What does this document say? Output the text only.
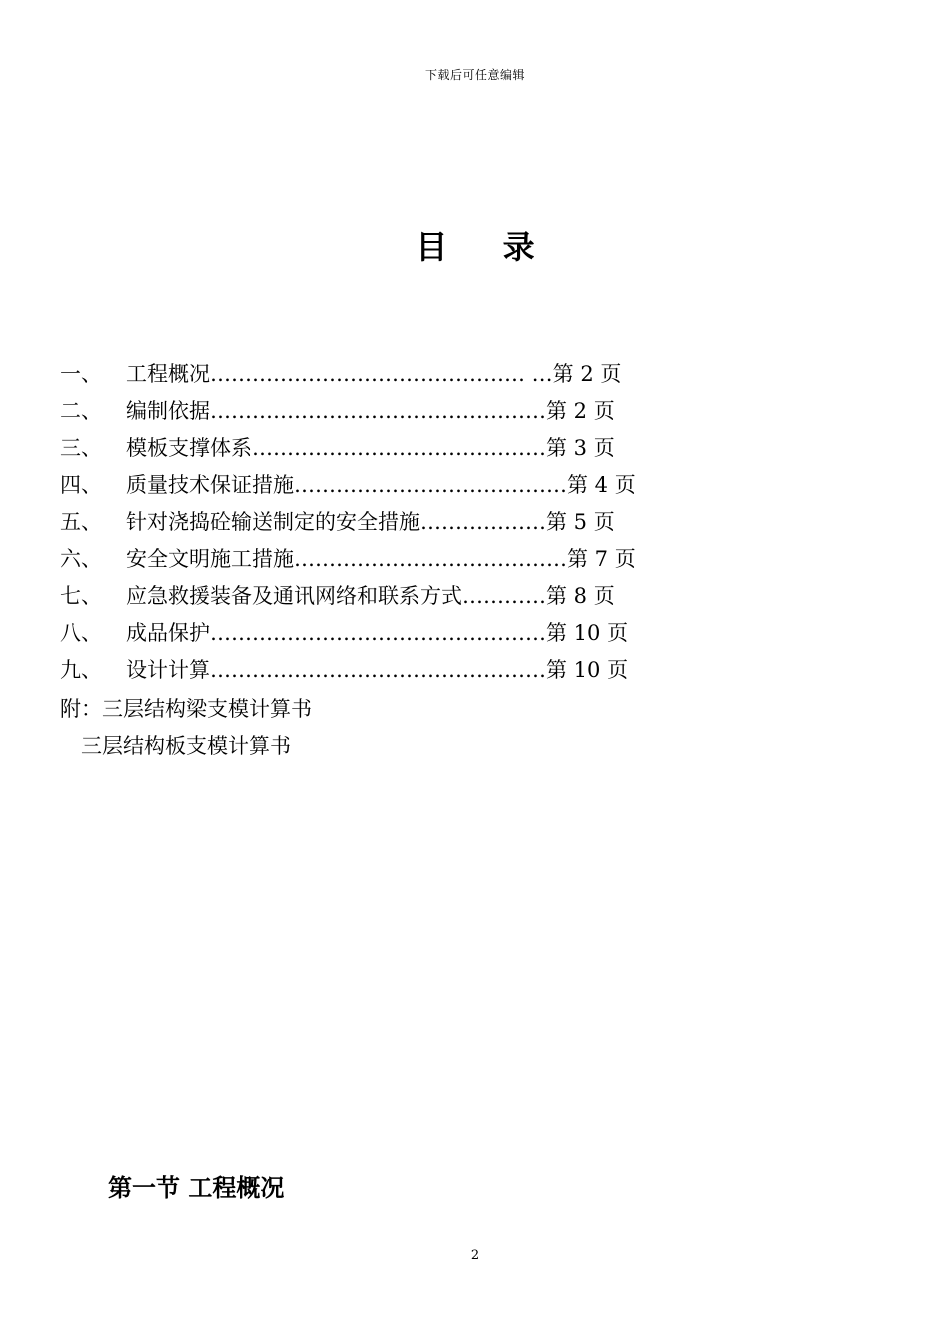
下载后可任意编辑
目 录
一、 工程概况……………………………………… …第 2 页
二、 编制依据…………………………………………第 2 页
三、 模板支撑体系……………………………………第 3 页
四、 质量技术保证措施…………………………………第 4 页
五、 针对浇捣砼输送制定的安全措施………………第 5 页
六、 安全文明施工措施…………………………………第 7 页
七、 应急救援装备及通讯网络和联系方式…………第 8 页
八、 成品保护…………………………………………第 10 页
九、 设计计算…………………………………………第 10 页
附：三层结构梁支模计算书
三层结构板支模计算书
第一节 工程概况
2
